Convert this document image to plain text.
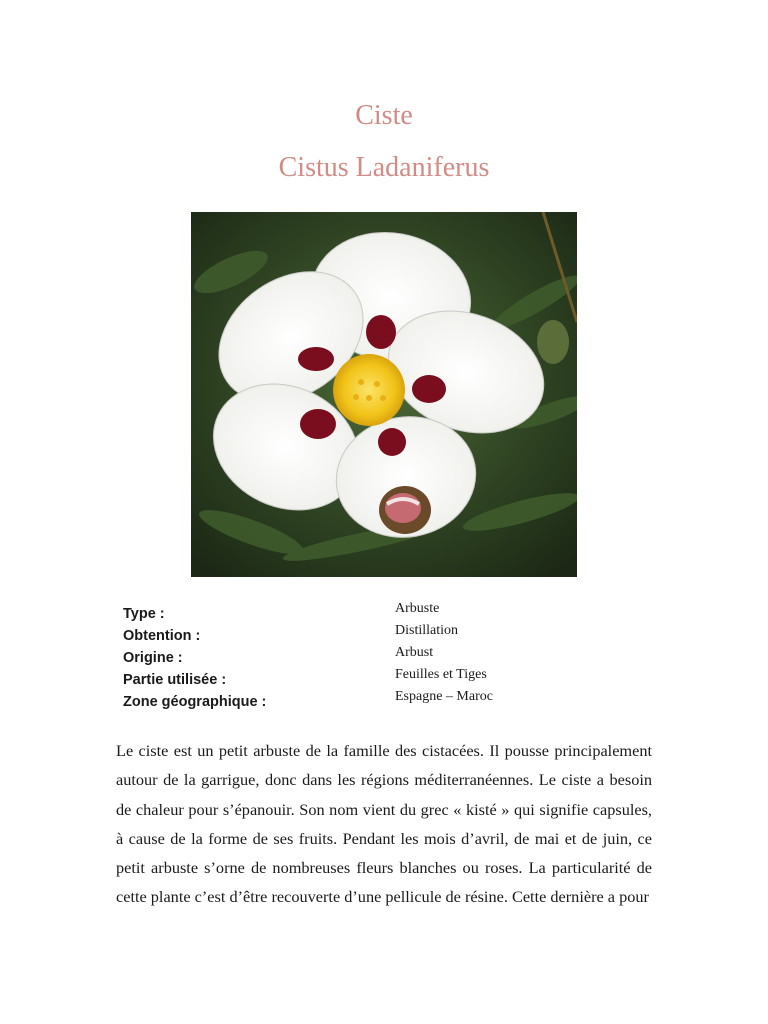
Ciste
Cistus Ladaniferus
Type :
Obtention :
Origine :
Partie utilisée :
Zone géographique :
Arbuste
Distillation
Arbust
Feuilles et Tiges
Espagne – Maroc

Le ciste est un petit arbuste de la famille des cistacées. Il pousse principalement autour de la garrigue, donc dans les régions méditerranéennes. Le ciste a besoin de chaleur pour s’épanouir. Son nom vient du grec « kisté » qui signifie capsules, à cause de la forme de ses fruits. Pendant les mois d’avril, de mai et de juin, ce petit arbuste s’orne de nombreuses fleurs blanches ou roses. La particularité de cette plante c’est d’être recouverte d’une pellicule de résine. Cette dernière a pour
